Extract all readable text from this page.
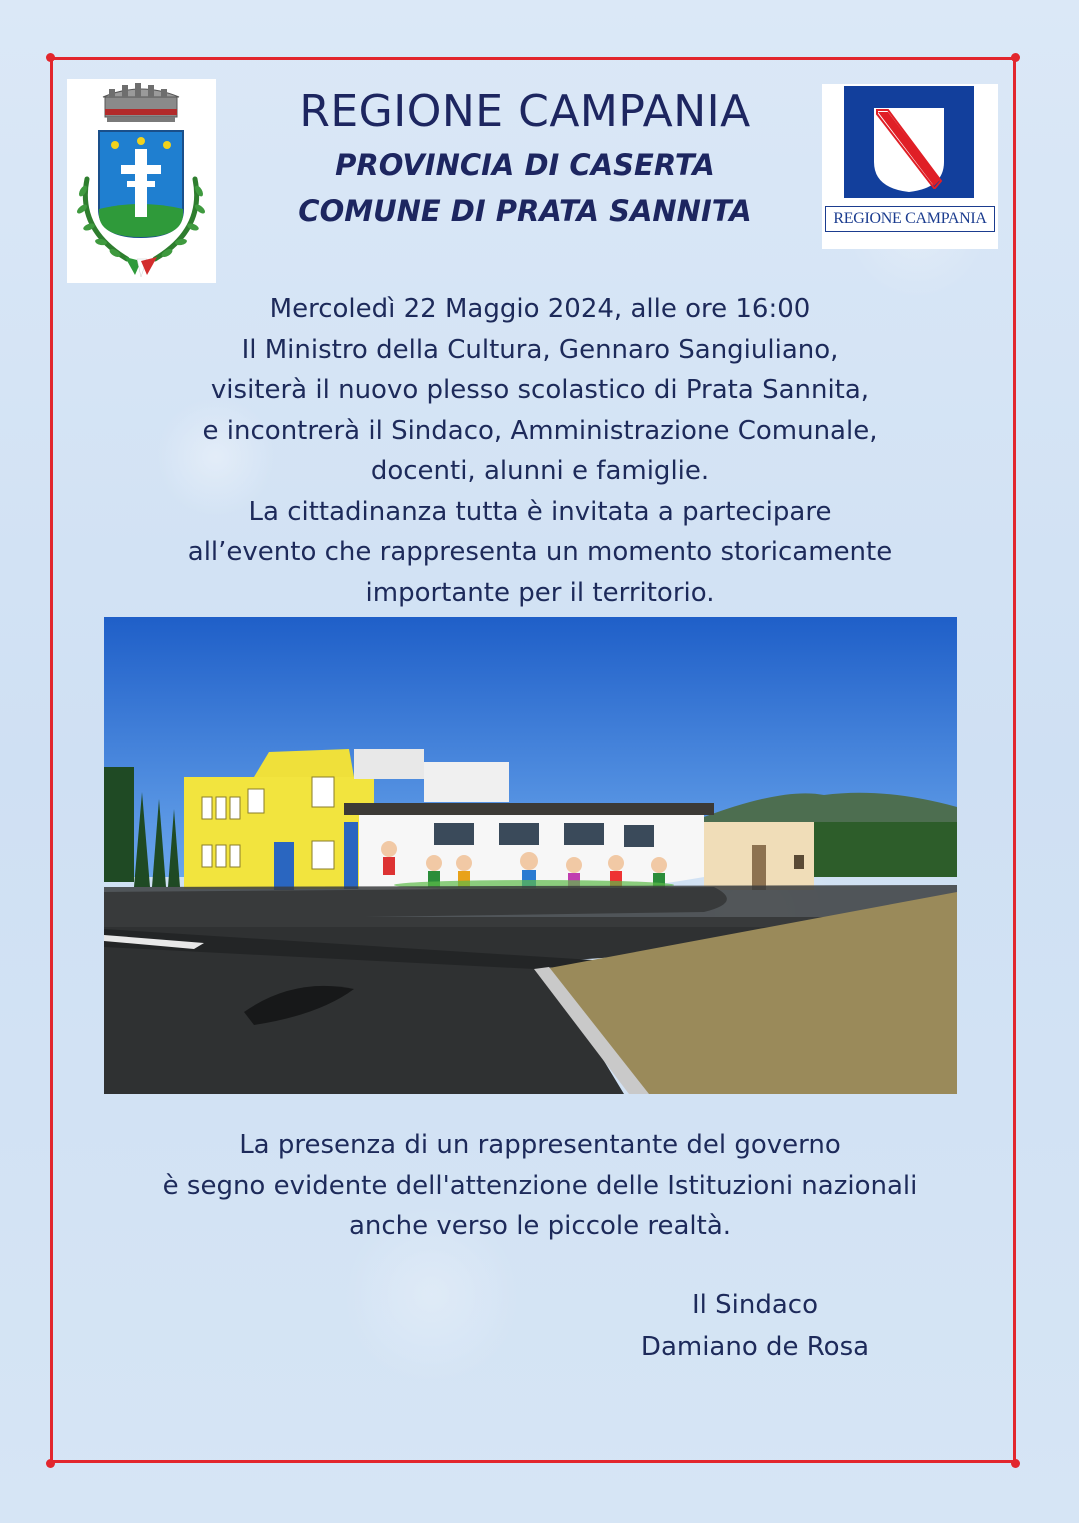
REGIONE CAMPANIA
REGIONE CAMPANIA
PROVINCIA DI CASERTA
COMUNE DI PRATA SANNITA
Mercoledì 22 Maggio 2024, alle ore 16:00
Il Ministro della Cultura, Gennaro Sangiuliano,
visiterà il nuovo plesso scolastico di Prata Sannita,
e incontrerà il Sindaco, Amministrazione Comunale,
docenti, alunni e famiglie.
La cittadinanza tutta è invitata a partecipare
all’evento che rappresenta un momento storicamente
importante per il territorio.
La presenza di un rappresentante del governo
è segno evidente dell'attenzione delle Istituzioni nazionali
anche verso le piccole realtà.
Il Sindaco
Damiano de Rosa
